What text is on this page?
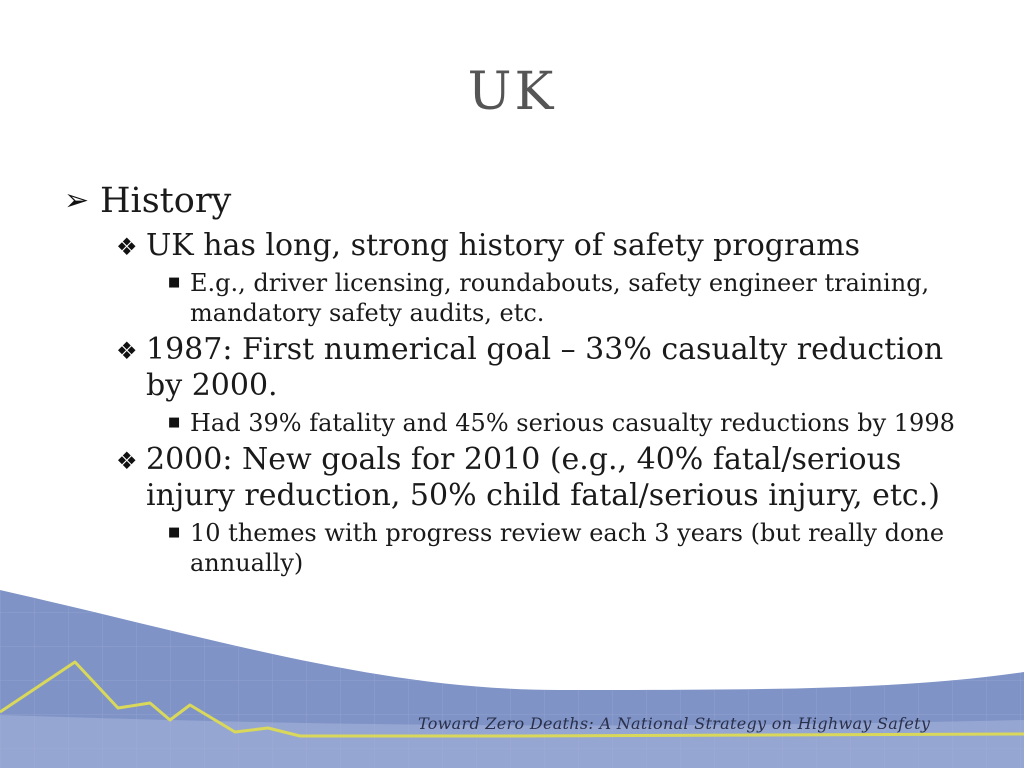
UK
➢ History
❖ UK has long, strong history of safety programs
■ E.g., driver licensing, roundabouts, safety engineer training, mandatory safety audits, etc.
❖ 1987: First numerical goal – 33% casualty reduction by 2000.
■ Had 39% fatality and 45% serious casualty reductions by 1998
❖ 2000: New goals for 2010 (e.g., 40% fatal/serious injury reduction, 50% child fatal/serious injury, etc.)
■ 10 themes with progress review each 3 years (but really done annually)
Toward Zero Deaths: A National Strategy on Highway Safety
